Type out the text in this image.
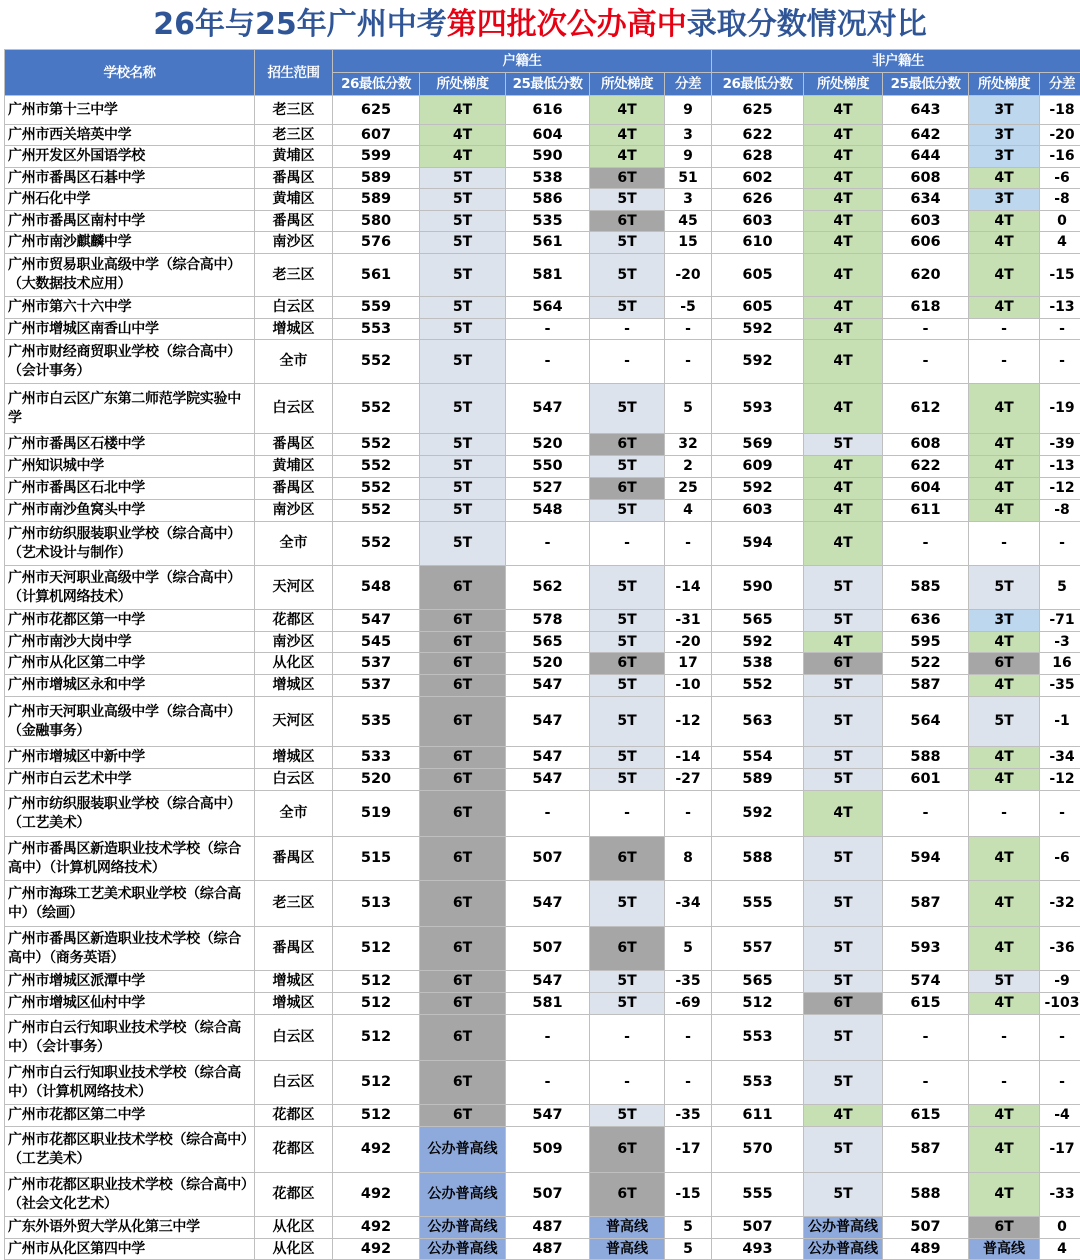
26年与25年广州中考第四批次公办高中录取分数情况对比
学校名称	招生范围	户籍生					非户籍生				
		26最低分数	所处梯度	25最低分数	所处梯度	分差	26最低分数	所处梯度	25最低分数	所处梯度	分差
广州市第十三中学	老三区	625	4T	616	4T	9	625	4T	643	3T	-18
广州市西关培英中学	老三区	607	4T	604	4T	3	622	4T	642	3T	-20
广州开发区外国语学校	黄埔区	599	4T	590	4T	9	628	4T	644	3T	-16
广州市番禺区石碁中学	番禺区	589	5T	538	6T	51	602	4T	608	4T	-6
广州石化中学	黄埔区	589	5T	586	5T	3	626	4T	634	3T	-8
广州市番禺区南村中学	番禺区	580	5T	535	6T	45	603	4T	603	4T	0
广州市南沙麒麟中学	南沙区	576	5T	561	5T	15	610	4T	606	4T	4
广州市贸易职业高级中学（综合高中）（大数据技术应用）	老三区	561	5T	581	5T	-20	605	4T	620	4T	-15
广州市第六十六中学	白云区	559	5T	564	5T	-5	605	4T	618	4T	-13
广州市增城区南香山中学	增城区	553	5T	-	-	-	592	4T	-	-	-
广州市财经商贸职业学校（综合高中）（会计事务）	全市	552	5T	-	-	-	592	4T	-	-	-
广州市白云区广东第二师范学院实验中学	白云区	552	5T	547	5T	5	593	4T	612	4T	-19
广州市番禺区石楼中学	番禺区	552	5T	520	6T	32	569	5T	608	4T	-39
广州知识城中学	黄埔区	552	5T	550	5T	2	609	4T	622	4T	-13
广州市番禺区石北中学	番禺区	552	5T	527	6T	25	592	4T	604	4T	-12
广州市南沙鱼窝头中学	南沙区	552	5T	548	5T	4	603	4T	611	4T	-8
广州市纺织服装职业学校（综合高中）（艺术设计与制作）	全市	552	5T	-	-	-	594	4T	-	-	-
广州市天河职业高级中学（综合高中）（计算机网络技术）	天河区	548	6T	562	5T	-14	590	5T	585	5T	5
广州市花都区第一中学	花都区	547	6T	578	5T	-31	565	5T	636	3T	-71
广州市南沙大岗中学	南沙区	545	6T	565	5T	-20	592	4T	595	4T	-3
广州市从化区第二中学	从化区	537	6T	520	6T	17	538	6T	522	6T	16
广州市增城区永和中学	增城区	537	6T	547	5T	-10	552	5T	587	4T	-35
广州市天河职业高级中学（综合高中）（金融事务）	天河区	535	6T	547	5T	-12	563	5T	564	5T	-1
广州市增城区中新中学	增城区	533	6T	547	5T	-14	554	5T	588	4T	-34
广州市白云艺术中学	白云区	520	6T	547	5T	-27	589	5T	601	4T	-12
广州市纺织服装职业学校（综合高中）（工艺美术）	全市	519	6T	-	-	-	592	4T	-	-	-
广州市番禺区新造职业技术学校（综合高中）（计算机网络技术）	番禺区	515	6T	507	6T	8	588	5T	594	4T	-6
广州市海珠工艺美术职业学校（综合高中）（绘画）	老三区	513	6T	547	5T	-34	555	5T	587	4T	-32
广州市番禺区新造职业技术学校（综合高中）（商务英语）	番禺区	512	6T	507	6T	5	557	5T	593	4T	-36
广州市增城区派潭中学	增城区	512	6T	547	5T	-35	565	5T	574	5T	-9
广州市增城区仙村中学	增城区	512	6T	581	5T	-69	512	6T	615	4T	-103
广州市白云行知职业技术学校（综合高中）（会计事务）	白云区	512	6T	-	-	-	553	5T	-	-	-
广州市白云行知职业技术学校（综合高中）（计算机网络技术）	白云区	512	6T	-	-	-	553	5T	-	-	-
广州市花都区第二中学	花都区	512	6T	547	5T	-35	611	4T	615	4T	-4
广州市花都区职业技术学校（综合高中）（工艺美术）	花都区	492	公办普高线	509	6T	-17	570	5T	587	4T	-17
广州市花都区职业技术学校（综合高中）（社会文化艺术）	花都区	492	公办普高线	507	6T	-15	555	5T	588	4T	-33
广东外语外贸大学从化第三中学	从化区	492	公办普高线	487	普高线	5	507	公办普高线	507	6T	0
广州市从化区第四中学	从化区	492	公办普高线	487	普高线	5	493	公办普高线	489	普高线	4
